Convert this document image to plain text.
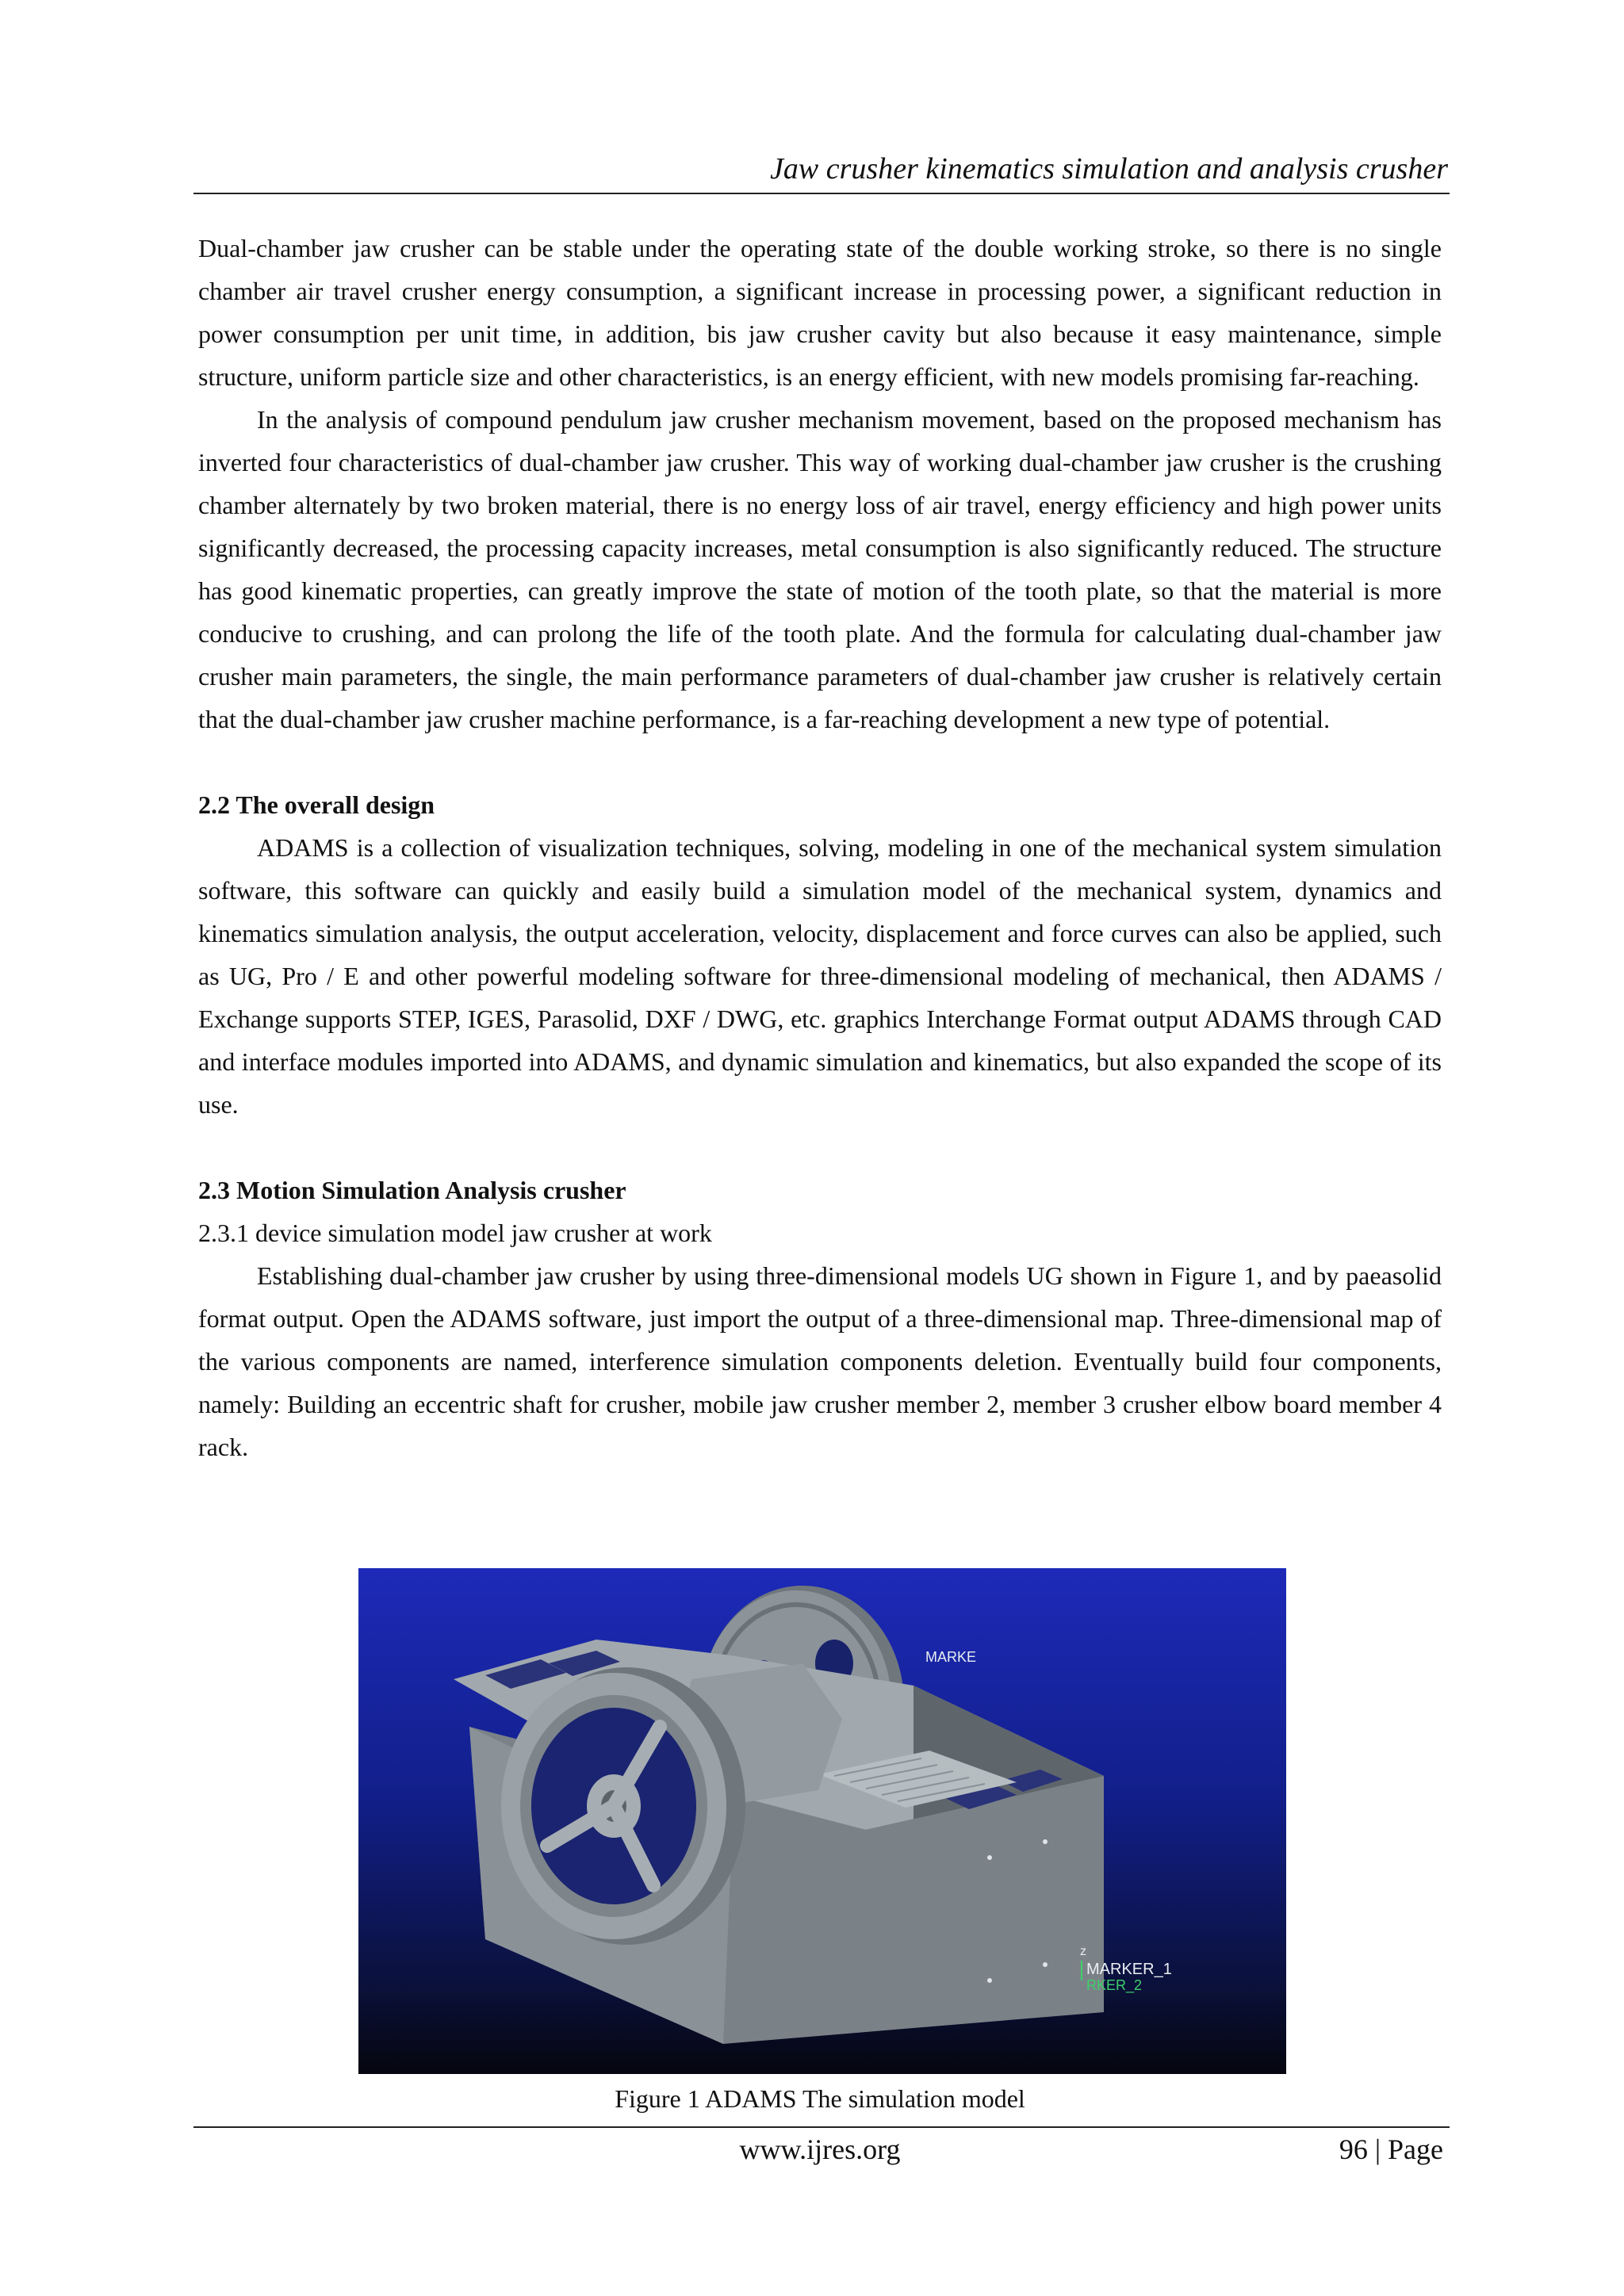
Jaw crusher kinematics simulation and analysis crusher

Dual-chamber jaw crusher can be stable under the operating state of the double working stroke, so there is no single chamber air travel crusher energy consumption, a significant increase in processing power, a significant reduction in power consumption per unit time, in addition, bis jaw crusher cavity but also because it easy maintenance, simple structure, uniform particle size and other characteristics, is an energy efficient, with new models promising far-reaching.

In the analysis of compound pendulum jaw crusher mechanism movement, based on the proposed mechanism has inverted four characteristics of dual-chamber jaw crusher. This way of working dual-chamber jaw crusher is the crushing chamber alternately by two broken material, there is no energy loss of air travel, energy efficiency and high power units significantly decreased, the processing capacity increases, metal consumption is also significantly reduced. The structure has good kinematic properties, can greatly improve the state of motion of the tooth plate, so that the material is more conducive to crushing, and can prolong the life of the tooth plate. And the formula for calculating dual-chamber jaw crusher main parameters, the single, the main performance parameters of dual-chamber jaw crusher is relatively certain that the dual-chamber jaw crusher machine performance, is a far-reaching development a new type of potential.

2.2 The overall design

ADAMS is a collection of visualization techniques, solving, modeling in one of the mechanical system simulation software, this software can quickly and easily build a simulation model of the mechanical system, dynamics and kinematics simulation analysis, the output acceleration, velocity, displacement and force curves can also be applied, such as UG, Pro / E and other powerful modeling software for three-dimensional modeling of mechanical, then ADAMS / Exchange supports STEP, IGES, Parasolid, DXF / DWG, etc. graphics Interchange Format output ADAMS through CAD and interface modules imported into ADAMS, and dynamic simulation and kinematics, but also expanded the scope of its use.

2.3 Motion Simulation Analysis crusher
2.3.1 device simulation model jaw crusher at work

Establishing dual-chamber jaw crusher by using three-dimensional models UG shown in Figure 1, and by paeasolid format output. Open the ADAMS software, just import the output of a three-dimensional map. Three-dimensional map of the various components are named, interference simulation components deletion. Eventually build four components, namely: Building an eccentric shaft for crusher, mobile jaw crusher member 2, member 3 crusher elbow board member 4 rack.

MARKE
z
MARKER_1
RKER_2
Figure 1 ADAMS The simulation model
www.ijres.org	96 | Page
